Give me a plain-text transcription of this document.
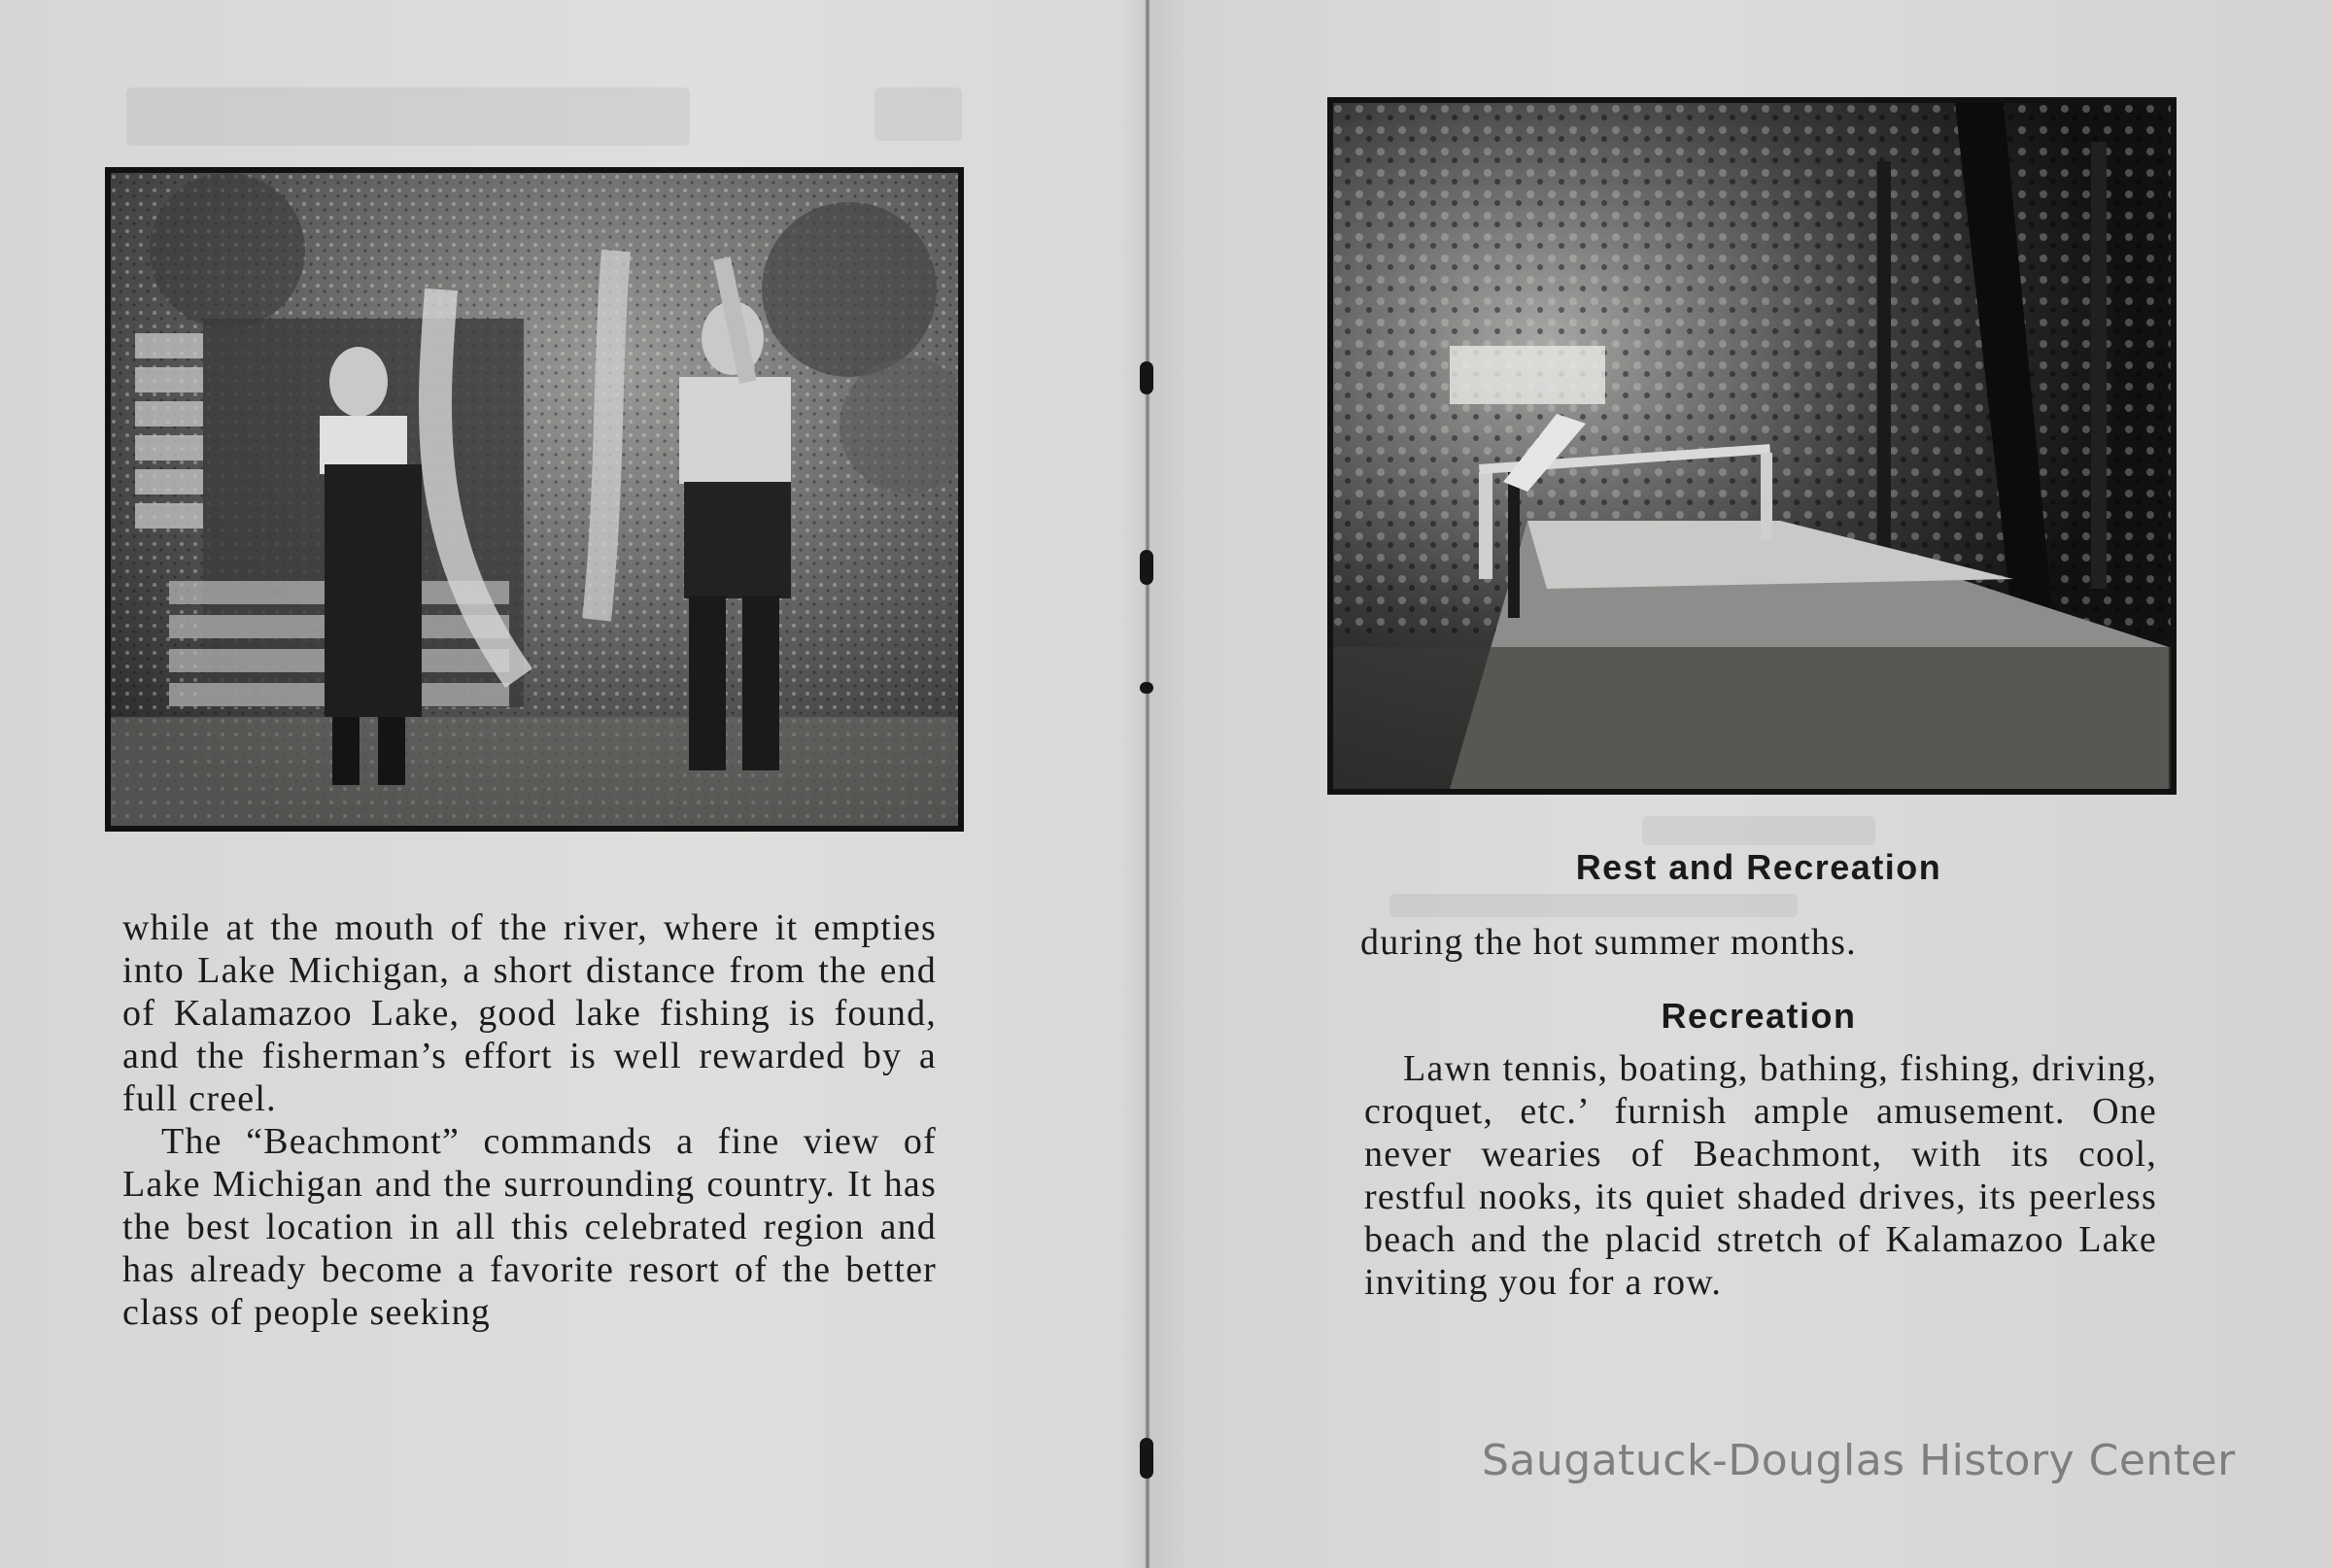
while at the mouth of the river, where it empties into Lake Michigan, a short distance from the end of Kalamazoo Lake, good lake fishing is found, and the fisherman’s effort is well rewarded by a full creel.

The “Beachmont” commands a fine view of Lake Michigan and the surrounding country. It has the best location in all this celebrated region and has already become a favorite resort of the better class of people seeking

Rest and Recreation
during the hot summer months.
Recreation

Lawn tennis, boating, bathing, fishing, driving, croquet, etc.’ furnish ample amusement. One never wearies of Beachmont, with its cool, restful nooks, its quiet shaded drives, its peerless beach and the placid stretch of Kalamazoo Lake inviting you for a row.

Saugatuck-Douglas History Center
